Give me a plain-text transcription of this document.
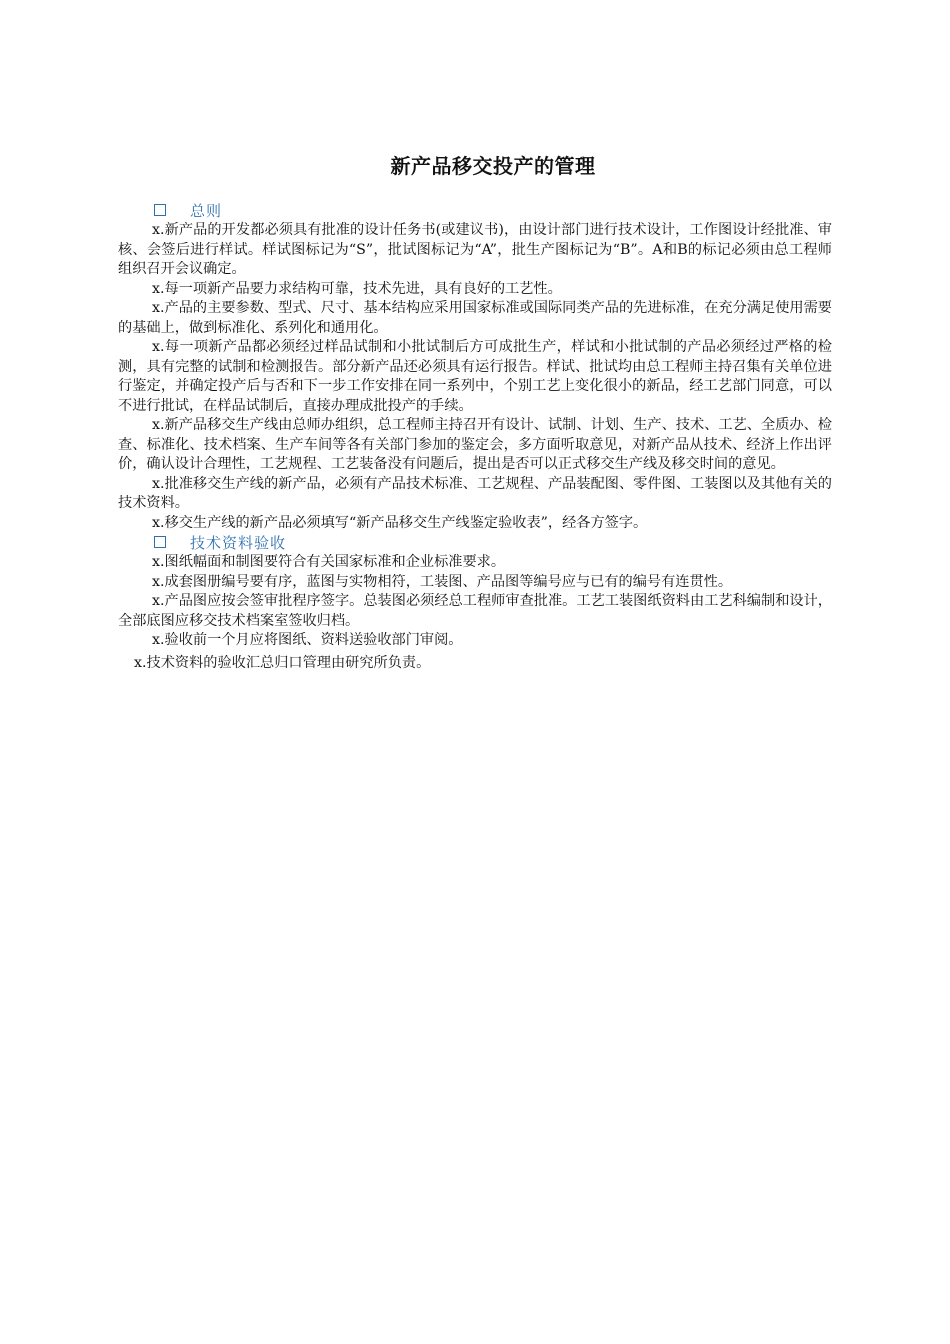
新产品移交投产的管理
总则

x.新产品的开发都必须具有批准的设计任务书(或建议书)，由设计部门进行技术设计，工作图设计经批准、审核、会签后进行样试。样试图标记为“S”，批试图标记为“A”，批生产图标记为“B”。A和B的标记必须由总工程师组织召开会议确定。

x.每一项新产品要力求结构可靠，技术先进，具有良好的工艺性。

x.产品的主要参数、型式、尺寸、基本结构应采用国家标准或国际同类产品的先进标准，在充分满足使用需要的基础上，做到标准化、系列化和通用化。

x.每一项新产品都必须经过样品试制和小批试制后方可成批生产，样试和小批试制的产品必须经过严格的检测，具有完整的试制和检测报告。部分新产品还必须具有运行报告。样试、批试均由总工程师主持召集有关单位进行鉴定，并确定投产后与否和下一步工作安排在同一系列中，个别工艺上变化很小的新品，经工艺部门同意，可以不进行批试，在样品试制后，直接办理成批投产的手续。

x.新产品移交生产线由总师办组织，总工程师主持召开有设计、试制、计划、生产、技术、工艺、全质办、检查、标准化、技术档案、生产车间等各有关部门参加的鉴定会，多方面听取意见，对新产品从技术、经济上作出评价，确认设计合理性，工艺规程、工艺装备没有问题后，提出是否可以正式移交生产线及移交时间的意见。

x.批准移交生产线的新产品，必须有产品技术标准、工艺规程、产品装配图、零件图、工装图以及其他有关的技术资料。

x.移交生产线的新产品必须填写“新产品移交生产线鉴定验收表”，经各方签字。

技术资料验收

x.图纸幅面和制图要符合有关国家标准和企业标准要求。

x.成套图册编号要有序，蓝图与实物相符，工装图、产品图等编号应与已有的编号有连贯性。

x.产品图应按会签审批程序签字。总装图必须经总工程师审查批准。工艺工装图纸资料由工艺科编制和设计，全部底图应移交技术档案室签收归档。

x.验收前一个月应将图纸、资料送验收部门审阅。

x.技术资料的验收汇总归口管理由研究所负责。
